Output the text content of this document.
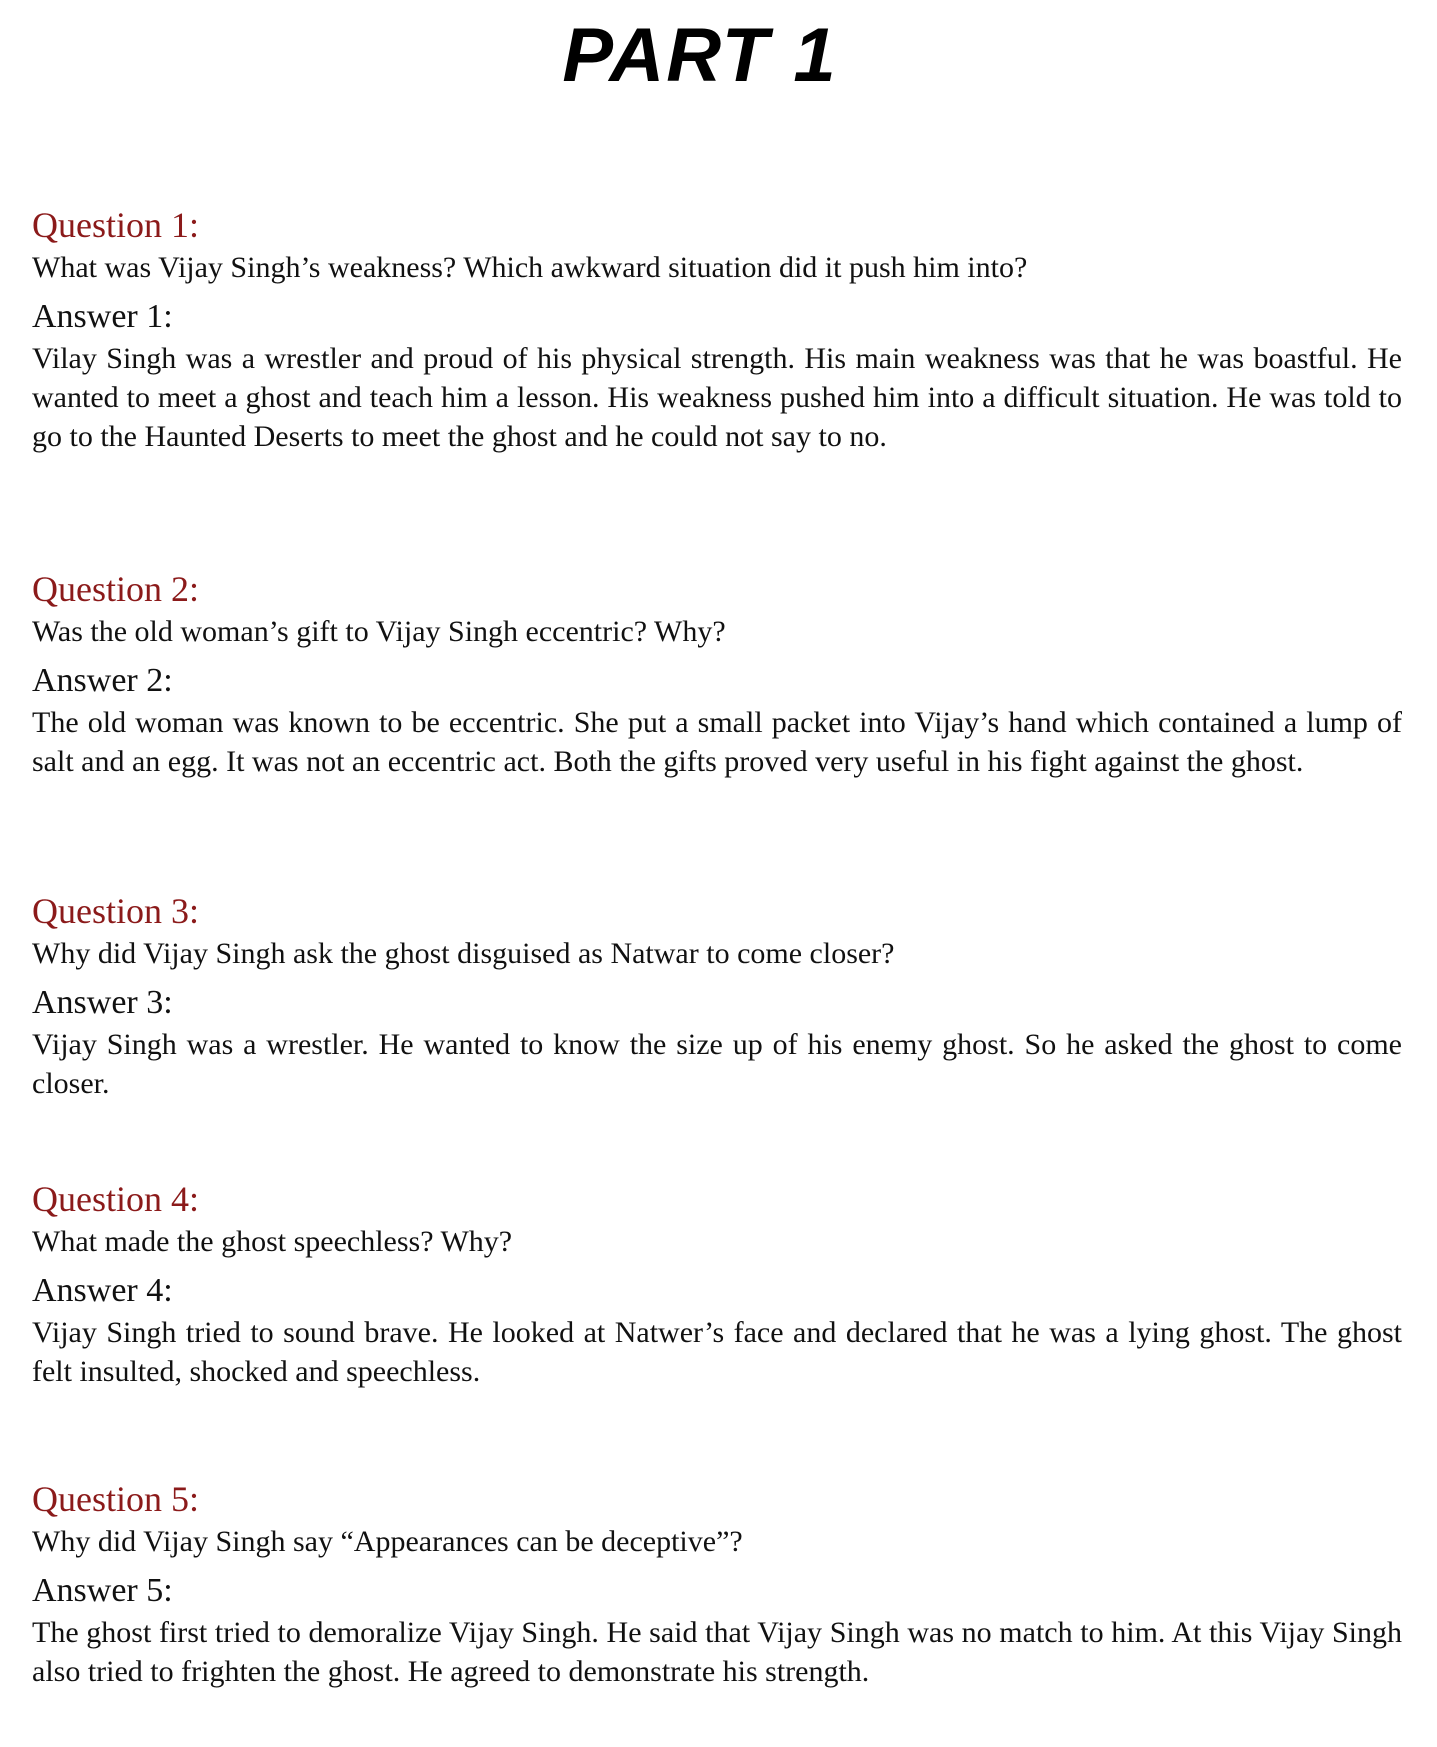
PART 1

Question 1:

What was Vijay Singh’s weakness? Which awkward situation did it push him into?

Answer 1:

Vilay Singh was a wrestler and proud of his physical strength. His main weakness was that he was boastful. He wanted to meet a ghost and teach him a lesson. His weakness pushed him into a difficult situation. He was told to go to the Haunted Deserts to meet the ghost and he could not say to no.

Question 2:

Was the old woman’s gift to Vijay Singh eccentric? Why?

Answer 2:

The old woman was known to be eccentric. She put a small packet into Vijay’s hand which contained a lump of salt and an egg. It was not an eccentric act. Both the gifts proved very useful in his fight against the ghost.

Question 3:

Why did Vijay Singh ask the ghost disguised as Natwar to come closer?

Answer 3:

Vijay Singh was a wrestler. He wanted to know the size up of his enemy ghost. So he asked the ghost to come closer.

Question 4:

What made the ghost speechless? Why?

Answer 4:

Vijay Singh tried to sound brave. He looked at Natwer’s face and declared that he was a lying ghost. The ghost felt insulted, shocked and speechless.

Question 5:

Why did Vijay Singh say “Appearances can be deceptive”?

Answer 5:

The ghost first tried to demoralize Vijay Singh. He said that Vijay Singh was no match to him. At this Vijay Singh also tried to frighten the ghost. He agreed to demonstrate his strength.
